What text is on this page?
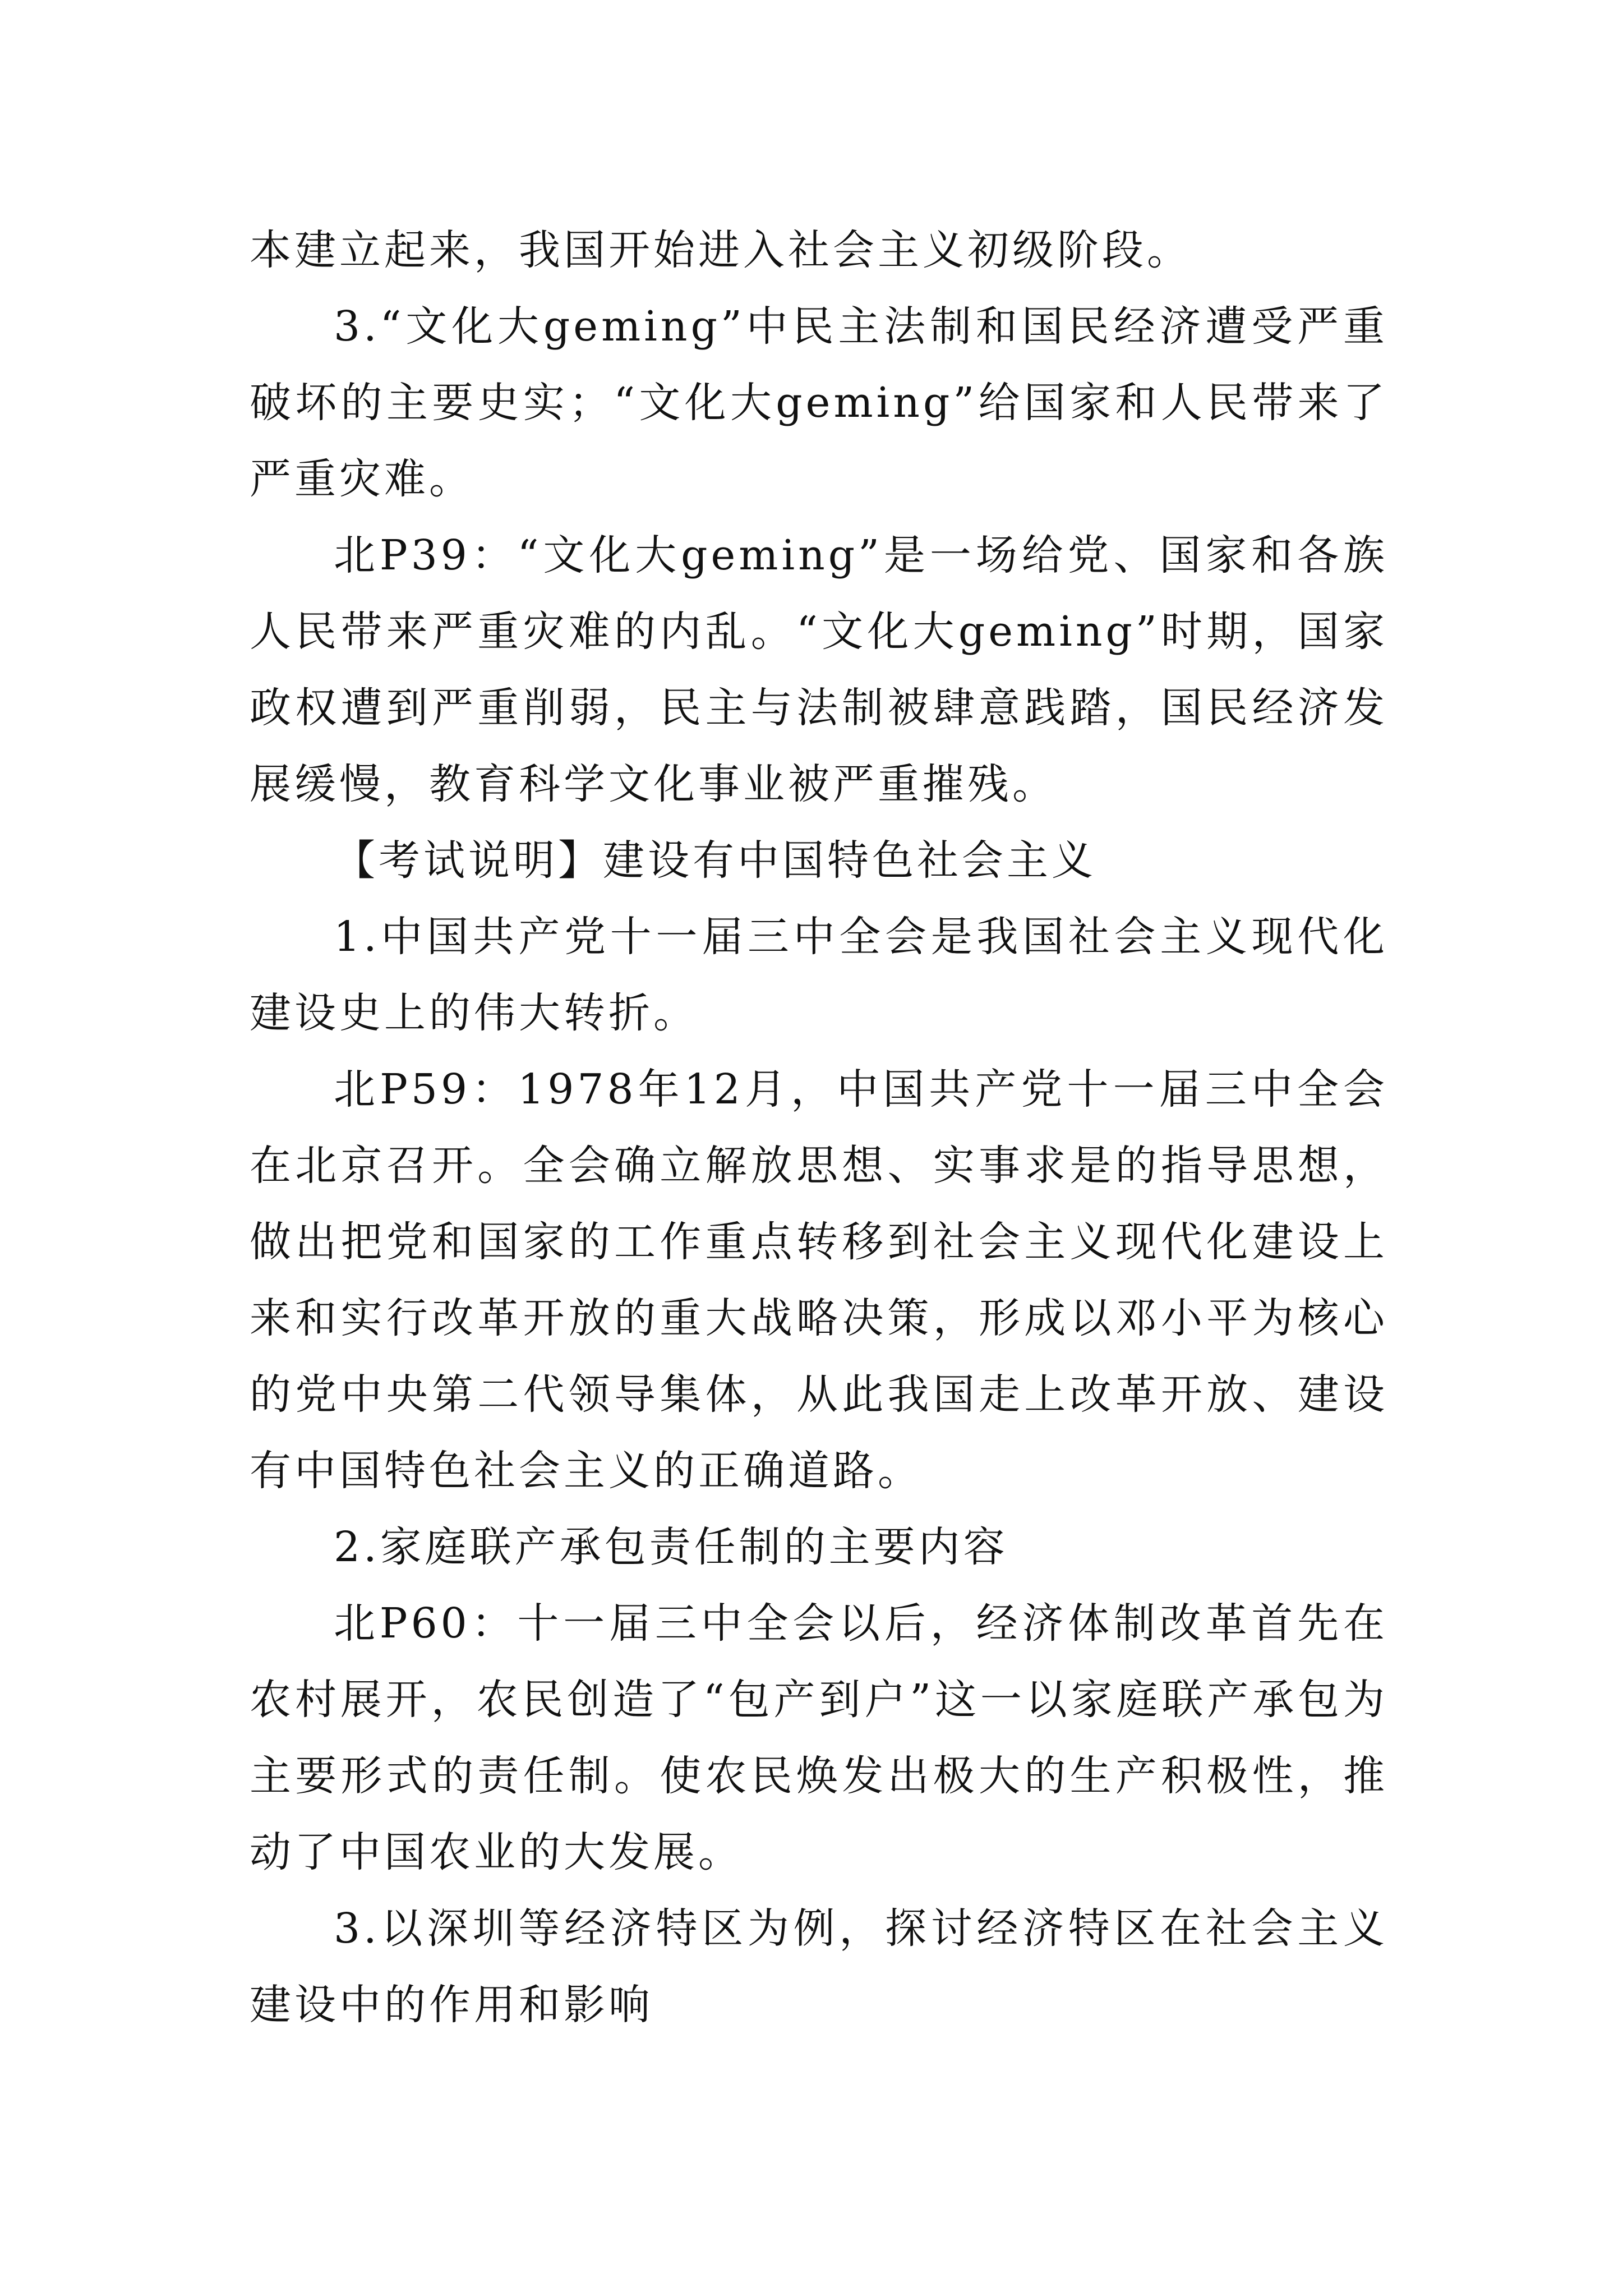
本建立起来，我国开始进入社会主义初级阶段。

3.“文化大geming”中民主法制和国民经济遭受严重破坏的主要史实；“文化大geming”给国家和人民带来了严重灾难。

北P39：“文化大geming”是一场给党、国家和各族人民带来严重灾难的内乱。“文化大geming”时期，国家政权遭到严重削弱，民主与法制被肆意践踏，国民经济发展缓慢，教育科学文化事业被严重摧残。

【考试说明】建设有中国特色社会主义

1.中国共产党十一届三中全会是我国社会主义现代化建设史上的伟大转折。

北P59：1978年12月，中国共产党十一届三中全会在北京召开。全会确立解放思想、实事求是的指导思想，做出把党和国家的工作重点转移到社会主义现代化建设上来和实行改革开放的重大战略决策，形成以邓小平为核心的党中央第二代领导集体，从此我国走上改革开放、建设有中国特色社会主义的正确道路。

2.家庭联产承包责任制的主要内容

北P60：十一届三中全会以后，经济体制改革首先在农村展开，农民创造了“包产到户”这一以家庭联产承包为主要形式的责任制。使农民焕发出极大的生产积极性，推动了中国农业的大发展。

3.以深圳等经济特区为例，探讨经济特区在社会主义建设中的作用和影响
